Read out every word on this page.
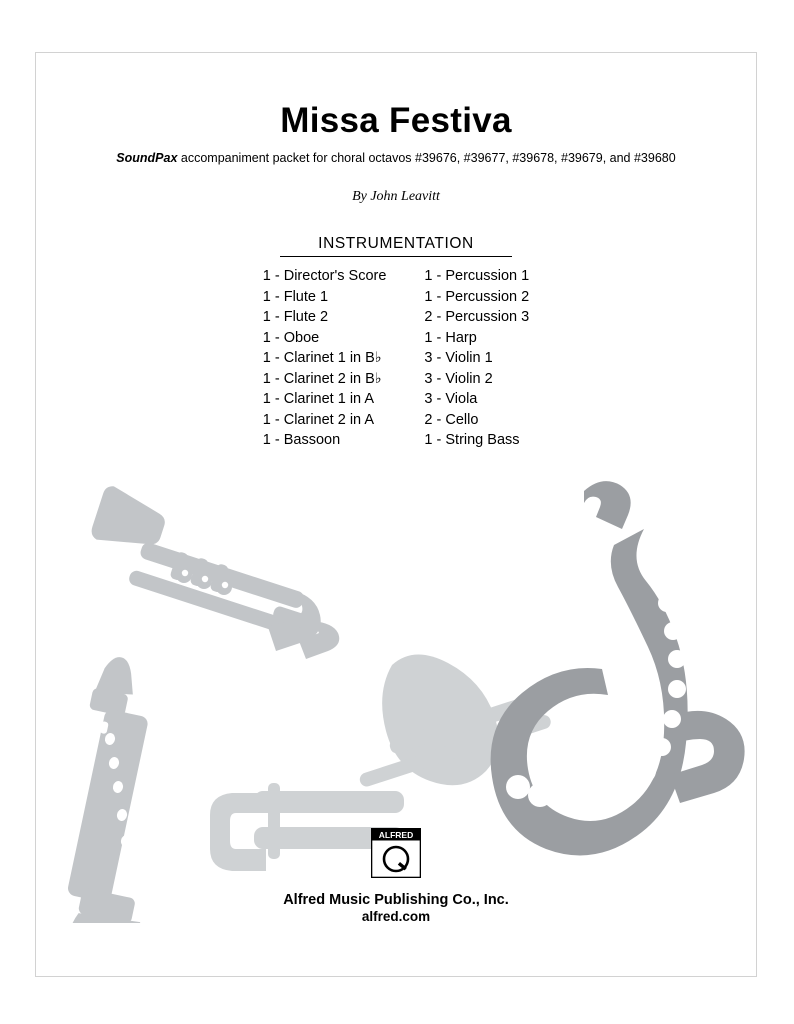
Missa Festiva
SoundPax accompaniment packet for choral octavos #39676, #39677, #39678, #39679, and #39680
By John Leavitt
INSTRUMENTATION
1 - Director's Score
1 - Flute 1
1 - Flute 2
1 - Oboe
1 - Clarinet 1 in B♭
1 - Clarinet 2 in B♭
1 - Clarinet 1 in A
1 - Clarinet 2 in A
1 - Bassoon
1 - Percussion 1
1 - Percussion 2
2 - Percussion 3
1 - Harp
3 - Violin 1
3 - Violin 2
3 - Viola
2 - Cello
1 - String Bass
ALFRED
Alfred Music Publishing Co., Inc.
alfred.com
